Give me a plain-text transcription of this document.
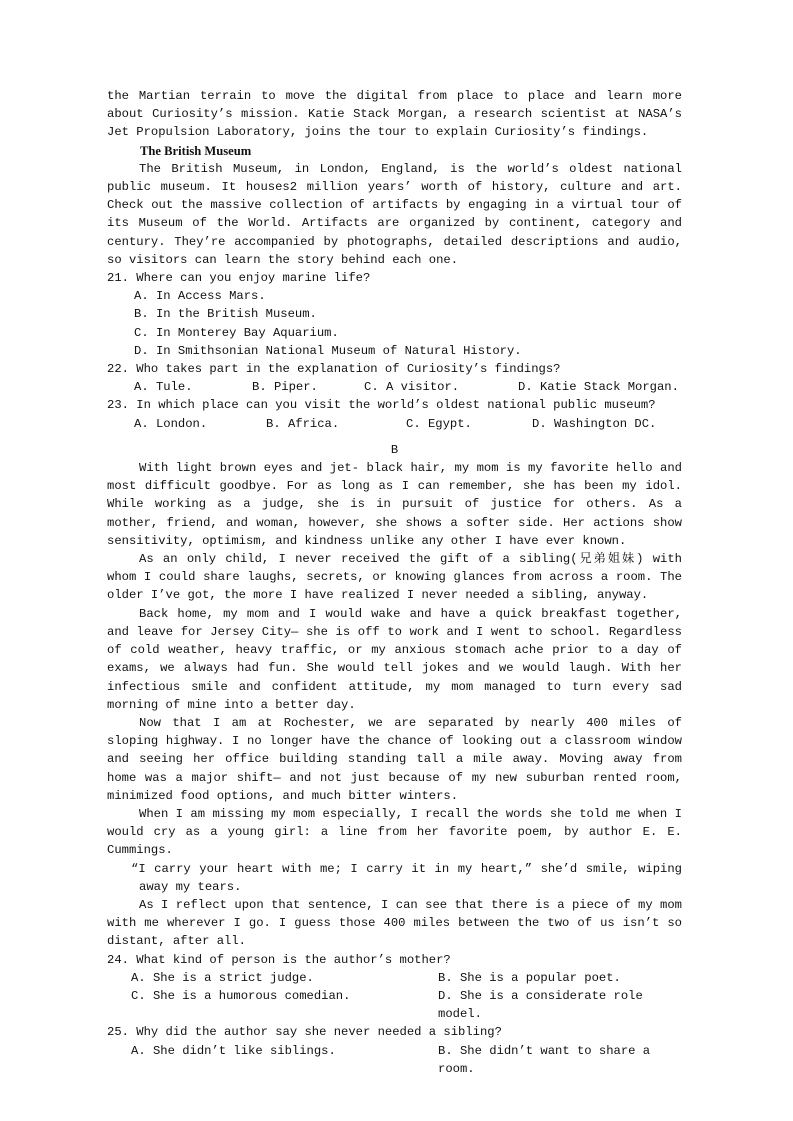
the Martian terrain to move the digital from place to place and learn more about Curiosity’s mission. Katie Stack Morgan, a research scientist at NASA’s Jet Propulsion Laboratory, joins the tour to explain Curiosity’s findings.

The British Museum

The British Museum, in London, England, is the world’s oldest national public museum. It houses2 million years’ worth of history, culture and art. Check out the massive collection of artifacts by engaging in a virtual tour of its Museum of the World. Artifacts are organized by continent, category and century. They’re accompanied by photographs, detailed descriptions and audio, so visitors can learn the story behind each one.

21. Where can you enjoy marine life?

A. In Access Mars.

B. In the British Museum.

C. In Monterey Bay Aquarium.

D. In Smithsonian National Museum of Natural History.

22. Who takes part in the explanation of Curiosity’s findings?

A. Tule.	B. Piper.	C. A visitor.	D. Katie Stack Morgan.

23. In which place can you visit the world’s oldest national public museum?

A. London.	B. Africa.	C. Egypt.	D. Washington DC.

B

With light brown eyes and jet- black hair, my mom is my favorite hello and most difficult goodbye. For as long as I can remember, she has been my idol. While working as a judge, she is in pursuit of justice for others. As a mother, friend, and woman, however, she shows a softer side. Her actions show sensitivity, optimism, and kindness unlike any other I have ever known.

As an only child, I never received the gift of a sibling(兄弟姐妹) with whom I could share laughs, secrets, or knowing glances from across a room. The older I’ve got, the more I have realized I never needed a sibling, anyway.

Back home, my mom and I would wake and have a quick breakfast together, and leave for Jersey City— she is off to work and I went to school. Regardless of cold weather, heavy traffic, or my anxious stomach ache prior to a day of exams, we always had fun. She would tell jokes and we would laugh. With her infectious smile and confident attitude, my mom managed to turn every sad morning of mine into a better day.

Now that I am at Rochester, we are separated by nearly 400 miles of sloping highway. I no longer have the chance of looking out a classroom window and seeing her office building standing tall a mile away. Moving away from home was a major shift— and not just because of my new suburban rented room, minimized food options, and much bitter winters.

When I am missing my mom especially, I recall the words she told me when I would cry as a young girl: a line from her favorite poem, by author E. E. Cummings.

“I carry your heart with me; I carry it in my heart,” she’d smile, wiping away my tears.

As I reflect upon that sentence, I can see that there is a piece of my mom with me wherever I go. I guess those 400 miles between the two of us isn’t so distant, after all.

24. What kind of person is the author’s mother?

A. She is a strict judge.	B. She is a popular poet.
C. She is a humorous comedian.	D. She is a considerate role model.

25. Why did the author say she never needed a sibling?

A. She didn’t like siblings.	B. She didn’t want to share a room.
